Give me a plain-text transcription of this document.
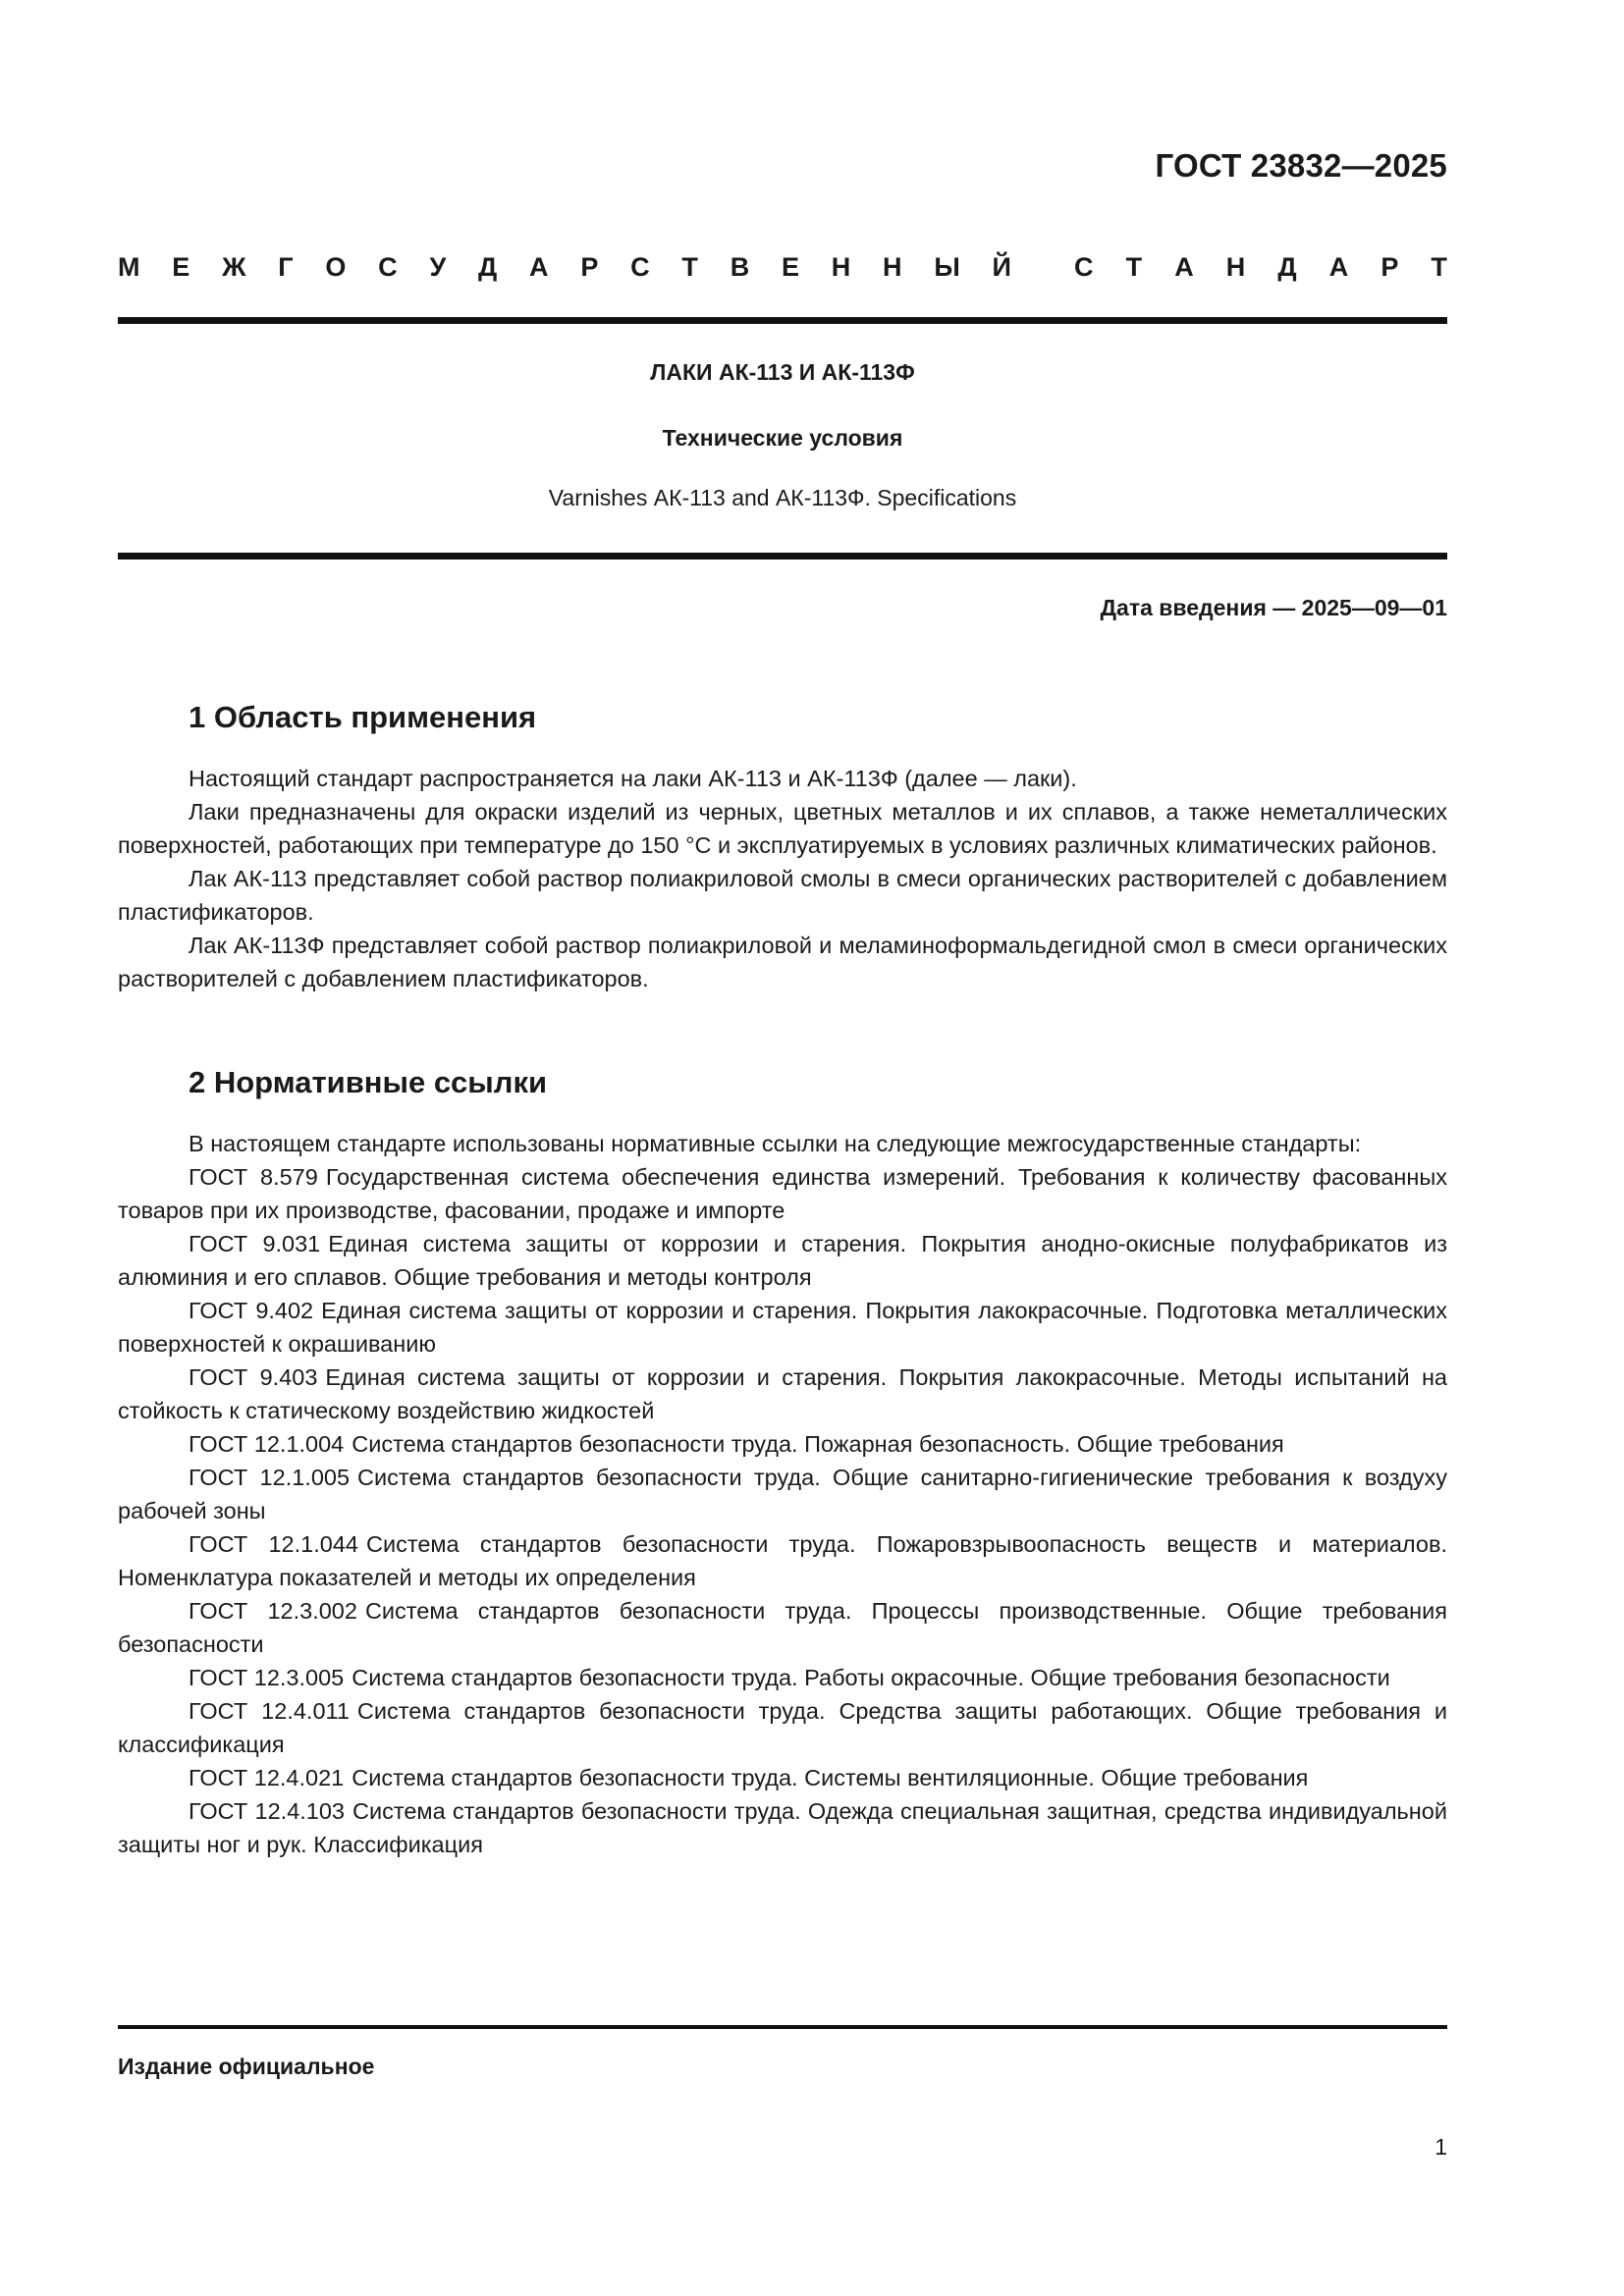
ГОСТ 23832—2025
М Е Ж Г О С У Д А Р С Т В Е Н Н Ы Й С Т А Н Д А Р Т
ЛАКИ АК-113 И АК-113Ф
Технические условия
Varnishes АК-113 and АК-113Ф. Specifications
Дата введения — 2025—09—01
1 Область применения

Настоящий стандарт распространяется на лаки АК-113 и АК-113Ф (далее — лаки).

Лаки предназначены для окраски изделий из черных, цветных металлов и их сплавов, а также неметаллических поверхностей, работающих при температуре до 150 °С и эксплуатируемых в условиях различных климатических районов.

Лак АК-113 представляет собой раствор полиакриловой смолы в смеси органических растворителей с добавлением пластификаторов.

Лак АК-113Ф представляет собой раствор полиакриловой и меламиноформальдегидной смол в смеси органических растворителей с добавлением пластификаторов.

2 Нормативные ссылки

В настоящем стандарте использованы нормативные ссылки на следующие межгосударственные стандарты:

ГОСТ 8.579 Государственная система обеспечения единства измерений. Требования к количеству фасованных товаров при их производстве, фасовании, продаже и импорте

ГОСТ 9.031 Единая система защиты от коррозии и старения. Покрытия анодно-окисные полуфабрикатов из алюминия и его сплавов. Общие требования и методы контроля

ГОСТ 9.402 Единая система защиты от коррозии и старения. Покрытия лакокрасочные. Подготовка металлических поверхностей к окрашиванию

ГОСТ 9.403 Единая система защиты от коррозии и старения. Покрытия лакокрасочные. Методы испытаний на стойкость к статическому воздействию жидкостей

ГОСТ 12.1.004 Система стандартов безопасности труда. Пожарная безопасность. Общие требования

ГОСТ 12.1.005 Система стандартов безопасности труда. Общие санитарно-гигиенические требования к воздуху рабочей зоны

ГОСТ 12.1.044 Система стандартов безопасности труда. Пожаровзрывоопасность веществ и материалов. Номенклатура показателей и методы их определения

ГОСТ 12.3.002 Система стандартов безопасности труда. Процессы производственные. Общие требования безопасности

ГОСТ 12.3.005 Система стандартов безопасности труда. Работы окрасочные. Общие требования безопасности

ГОСТ 12.4.011 Система стандартов безопасности труда. Средства защиты работающих. Общие требования и классификация

ГОСТ 12.4.021 Система стандартов безопасности труда. Системы вентиляционные. Общие требования

ГОСТ 12.4.103 Система стандартов безопасности труда. Одежда специальная защитная, средства индивидуальной защиты ног и рук. Классификация

Издание официальное
1
